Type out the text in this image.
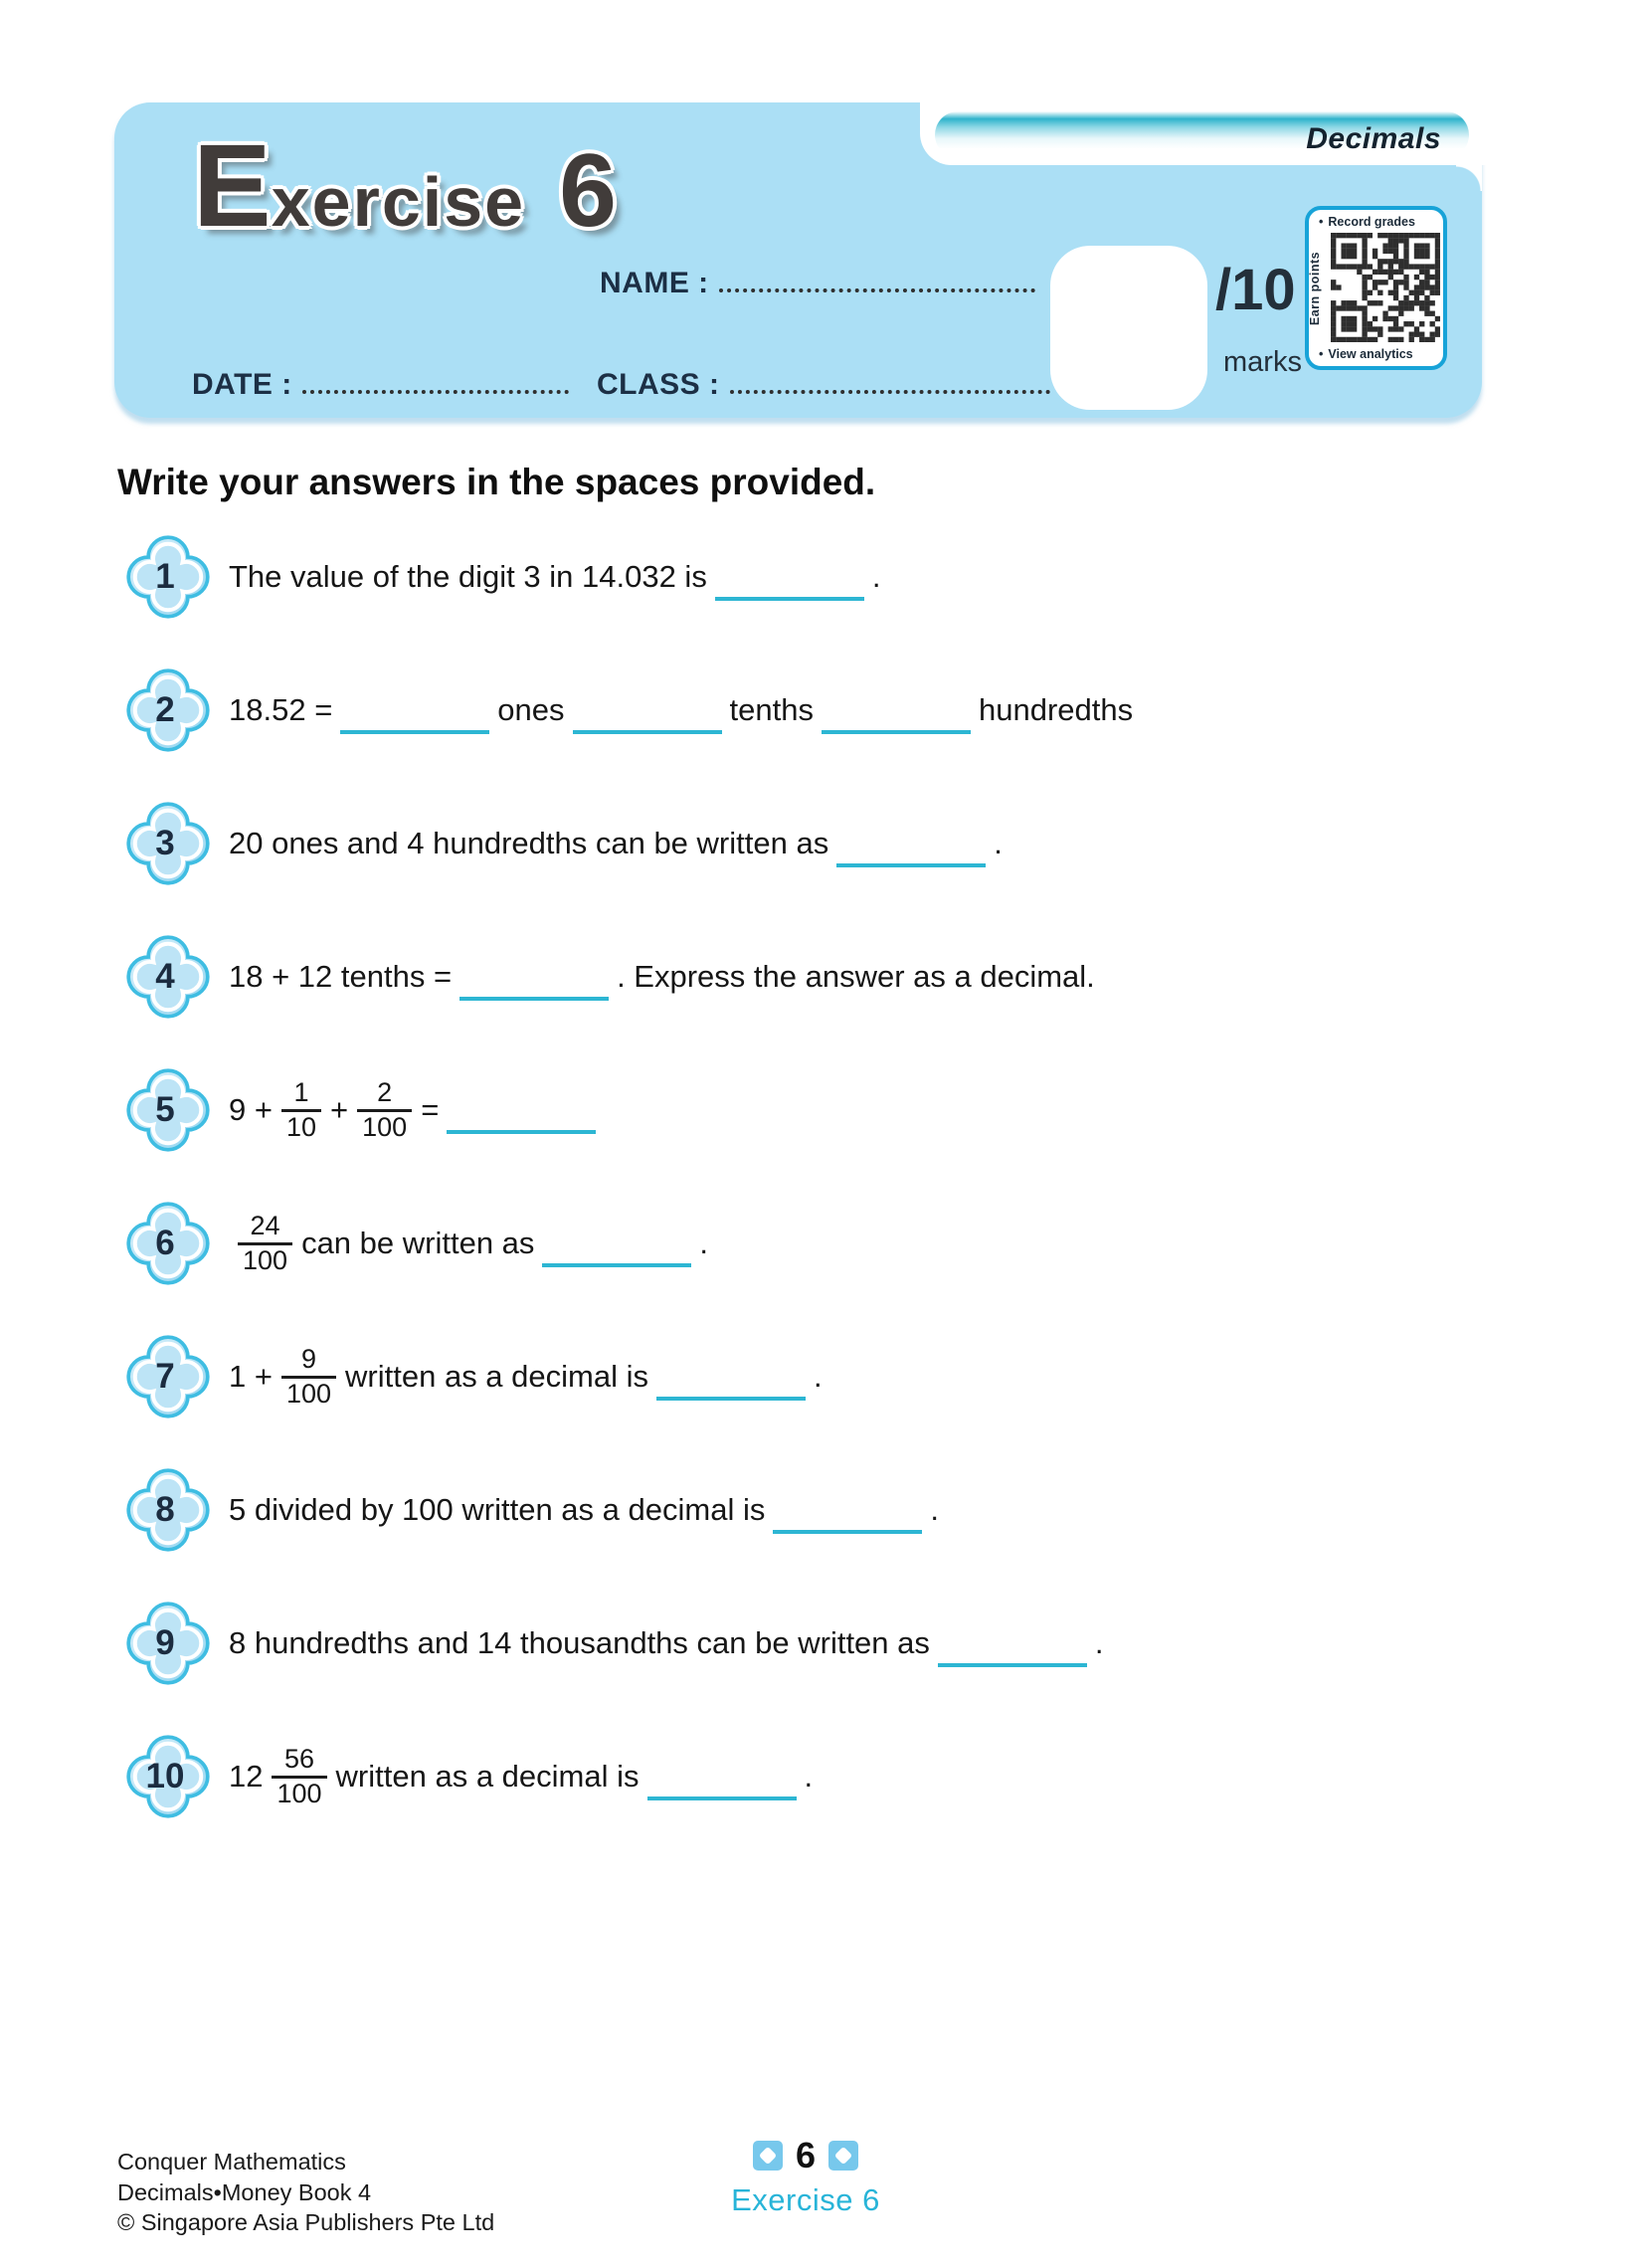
Decimals
E xercise 6
NAME :	/10
marks
• Record grades
Earn points
• View analytics
DATE :	CLASS :
Write your answers in the spaces provided.
1	The value of the digit 3 in 14.032 is	.
2	18.52 =	ones	tenths	hundredths
3	20 ones and 4 hundredths can be written as	.
4	18 + 12 tenths =	. Express the answer as a decimal.
5	$9 + \frac{1}{10} + \frac{2}{100}$ =
6	$\frac{24}{100}$ can be written as	.
7	$1 + \frac{9}{100}$ written as a decimal is	.
8	5 divided by 100 written as a decimal is	.
9	8 hundredths and 14 thousandths can be written as	.
10	$12 \frac{56}{100}$ written as a decimal is	.
Conquer Mathematics
Decimals•Money Book 4
© Singapore Asia Publishers Pte Ltd
6
Exercise 6
